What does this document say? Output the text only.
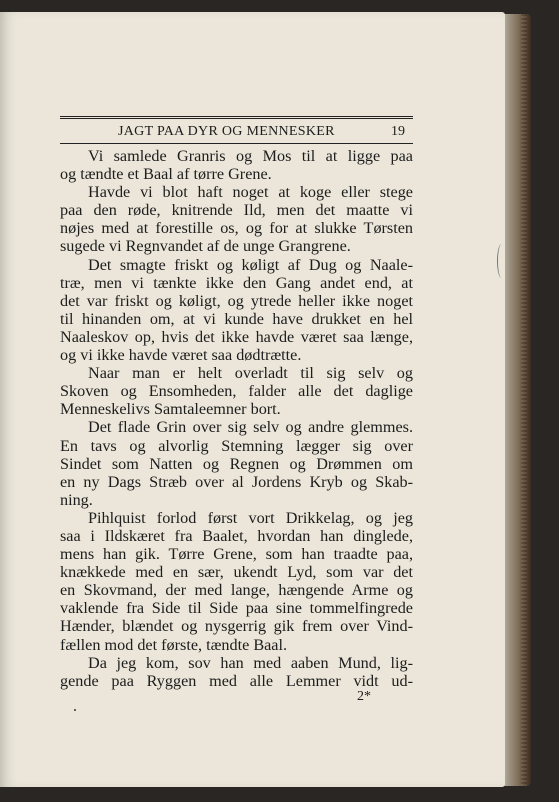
JAGT PAA DYR OG MENNESKER	19
Vi samlede Granris og Mos til at ligge paa
og tændte et Baal af tørre Grene.
Havde vi blot haft noget at koge eller stege
paa den røde, knitrende Ild, men det maatte vi
nøjes med at forestille os, og for at slukke Tørsten
sugede vi Regnvandet af de unge Grangrene.
Det smagte friskt og køligt af Dug og Naale-
træ, men vi tænkte ikke den Gang andet end, at
det var friskt og køligt, og ytrede heller ikke noget
til hinanden om, at vi kunde have drukket en hel
Naaleskov op, hvis det ikke havde været saa længe,
og vi ikke havde været saa dødtrætte.
Naar man er helt overladt til sig selv og
Skoven og Ensomheden, falder alle det daglige
Menneskelivs Samtaleemner bort.
Det flade Grin over sig selv og andre glemmes.
En tavs og alvorlig Stemning lægger sig over
Sindet som Natten og Regnen og Drømmen om
en ny Dags Stræb over al Jordens Kryb og Skab-
ning.
Pihlquist forlod først vort Drikkelag, og jeg
saa i Ildskæret fra Baalet, hvordan han dinglede,
mens han gik. Tørre Grene, som han traadte paa,
knækkede med en sær, ukendt Lyd, som var det
en Skovmand, der med lange, hængende Arme og
vaklende fra Side til Side paa sine tommelfingrede
Hænder, blændet og nysgerrig gik frem over Vind-
fællen mod det første, tændte Baal.
Da jeg kom, sov han med aaben Mund, lig-
gende paa Ryggen med alle Lemmer vidt ud-
2*
